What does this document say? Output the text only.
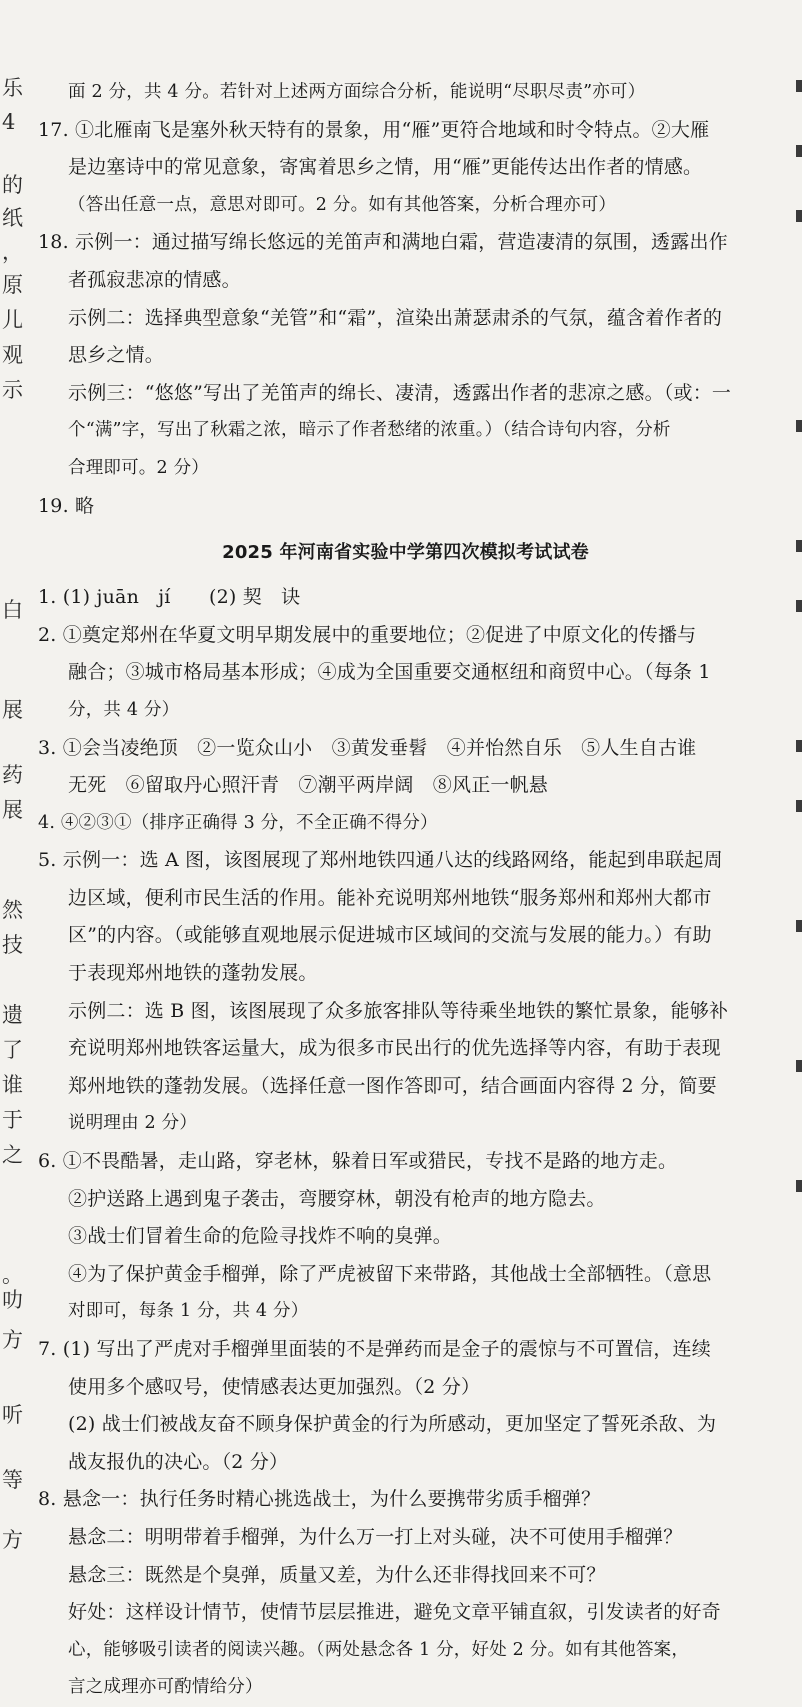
乐
4
的
纸
，
原
儿
观
示
白
展
药
展
然
技
遗
了
谁
于
之
。
叻
方
听
等
方
面 2 分，共 4 分。若针对上述两方面综合分析，能说明“尽职尽责”亦可）
17. ①北雁南飞是塞外秋天特有的景象，用“雁”更符合地域和时令特点。②大雁
是边塞诗中的常见意象，寄寓着思乡之情，用“雁”更能传达出作者的情感。
（答出任意一点，意思对即可。2 分。如有其他答案，分析合理亦可）
18. 示例一：通过描写绵长悠远的羌笛声和满地白霜，营造凄清的氛围，透露出作
者孤寂悲凉的情感。
示例二：选择典型意象“羌管”和“霜”，渲染出萧瑟肃杀的气氛，蕴含着作者的
思乡之情。
示例三：“悠悠”写出了羌笛声的绵长、凄清，透露出作者的悲凉之感。（或：一
个“满”字，写出了秋霜之浓，暗示了作者愁绪的浓重。）（结合诗句内容，分析
合理即可。2 分）
19. 略
2025 年河南省实验中学第四次模拟考试试卷
1. (1) juān　jí　　(2) 契　诀
2. ①奠定郑州在华夏文明早期发展中的重要地位；②促进了中原文化的传播与
融合；③城市格局基本形成；④成为全国重要交通枢纽和商贸中心。（每条 1
分，共 4 分）
3. ①会当凌绝顶　②一览众山小　③黄发垂髫　④并怡然自乐　⑤人生自古谁
无死　⑥留取丹心照汗青　⑦潮平两岸阔　⑧风正一帆悬
4. ④②③①（排序正确得 3 分，不全正确不得分）
5. 示例一：选 A 图，该图展现了郑州地铁四通八达的线路网络，能起到串联起周
边区域，便利市民生活的作用。能补充说明郑州地铁“服务郑州和郑州大都市
区”的内容。（或能够直观地展示促进城市区域间的交流与发展的能力。）有助
于表现郑州地铁的蓬勃发展。
示例二：选 B 图，该图展现了众多旅客排队等待乘坐地铁的繁忙景象，能够补
充说明郑州地铁客运量大，成为很多市民出行的优先选择等内容，有助于表现
郑州地铁的蓬勃发展。（选择任意一图作答即可，结合画面内容得 2 分，简要
说明理由 2 分）
6. ①不畏酷暑，走山路，穿老林，躲着日军或猎民，专找不是路的地方走。
②护送路上遇到鬼子袭击，弯腰穿林，朝没有枪声的地方隐去。
③战士们冒着生命的危险寻找炸不响的臭弹。
④为了保护黄金手榴弹，除了严虎被留下来带路，其他战士全部牺牲。（意思
对即可，每条 1 分，共 4 分）
7. (1) 写出了严虎对手榴弹里面装的不是弹药而是金子的震惊与不可置信，连续
使用多个感叹号，使情感表达更加强烈。（2 分）
(2) 战士们被战友奋不顾身保护黄金的行为所感动，更加坚定了誓死杀敌、为
战友报仇的决心。（2 分）
8. 悬念一：执行任务时精心挑选战士，为什么要携带劣质手榴弹？
悬念二：明明带着手榴弹，为什么万一打上对头碰，决不可使用手榴弹？
悬念三：既然是个臭弹，质量又差，为什么还非得找回来不可？
好处：这样设计情节，使情节层层推进，避免文章平铺直叙，引发读者的好奇
心，能够吸引读者的阅读兴趣。（两处悬念各 1 分，好处 2 分。如有其他答案，
言之成理亦可酌情给分）
